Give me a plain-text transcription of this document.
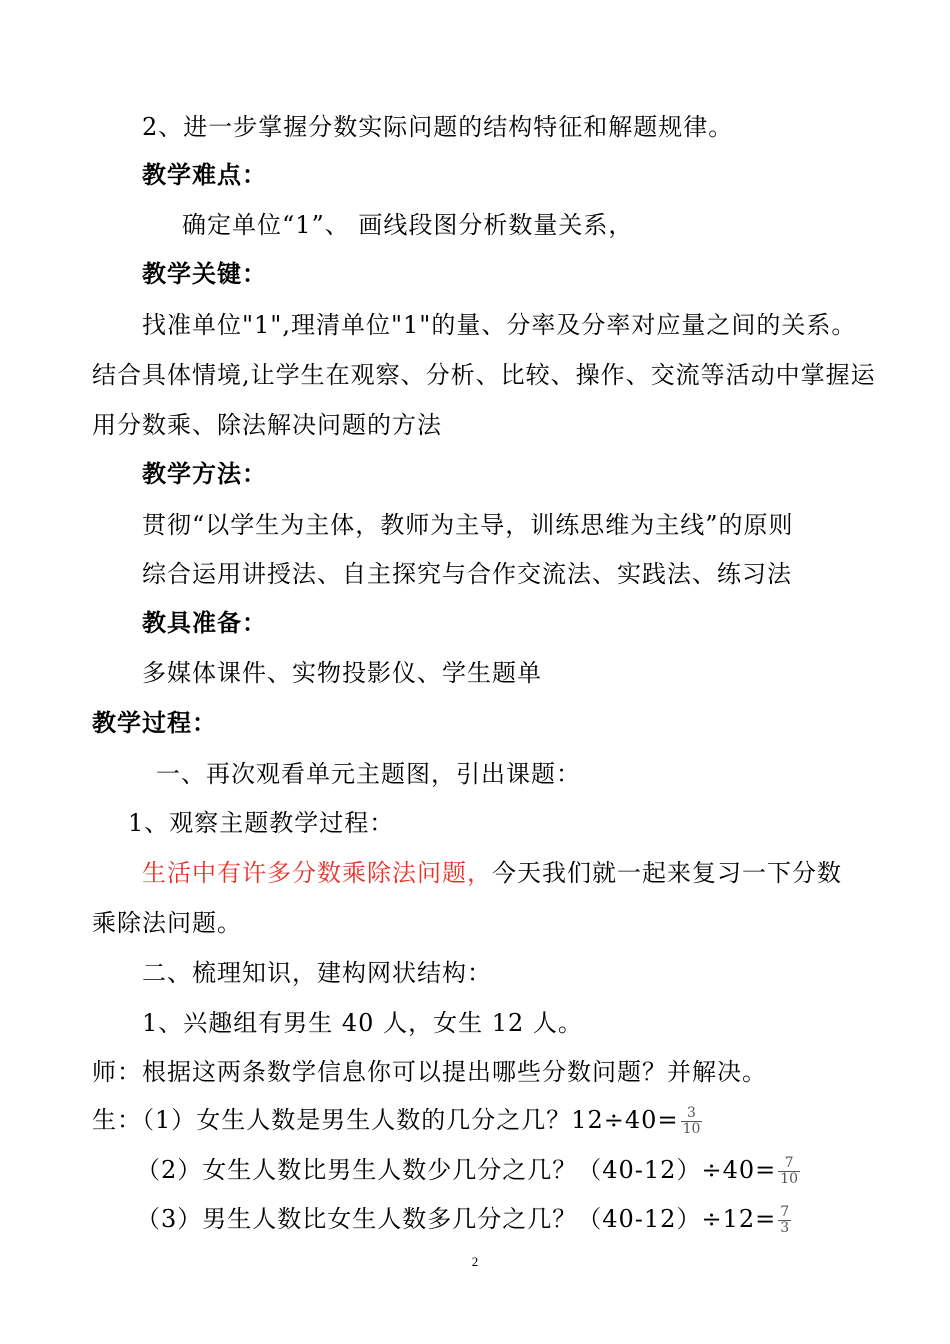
2、进一步掌握分数实际问题的结构特征和解题规律。
教学难点：
确定单位“1”、 画线段图分析数量关系，
教学关键：
找准单位"1",理清单位"1"的量、分率及分率对应量之间的关系。
结合具体情境,让学生在观察、分析、比较、操作、交流等活动中掌握运
用分数乘、除法解决问题的方法
教学方法：
贯彻“以学生为主体，教师为主导，训练思维为主线”的原则
综合运用讲授法、自主探究与合作交流法、实践法、练习法
教具准备：
多媒体课件、实物投影仪、学生题单
教学过程：
一、再次观看单元主题图，引出课题：
1、观察主题教学过程：
生活中有许多分数乘除法问题，今天我们就一起来复习一下分数
乘除法问题。
二、梳理知识，建构网状结构：
1、兴趣组有男生 40 人，女生 12 人。
师：根据这两条数学信息你可以提出哪些分数问题？并解决。
生：（1）女生人数是男生人数的几分之几？$12\div 40= \frac{3}{10}$
（2）女生人数比男生人数少几分之几？$(40-12)\div 40= \frac{7}{10}$
（3）男生人数比女生人数多几分之几？$(40-12)\div 12= \frac{7}{3}$
2
